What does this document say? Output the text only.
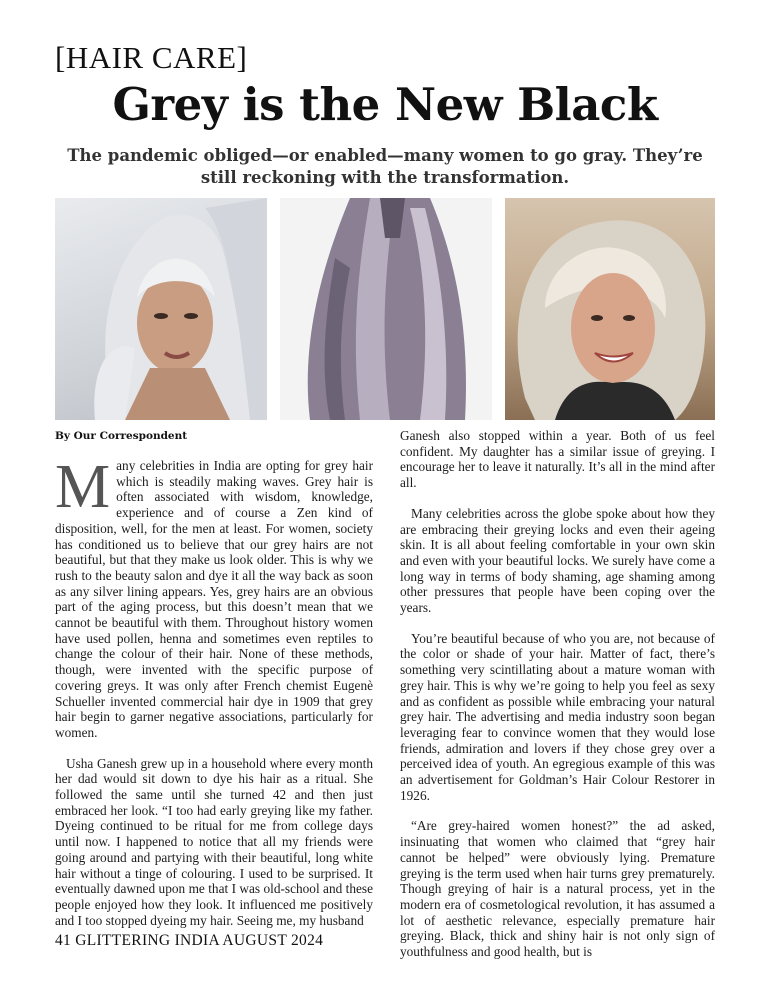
[HAIR CARE]
Grey is the New Black

The pandemic obliged—or enabled—many women to go gray. They’re still reckoning with the transformation.

By Our Correspondent

Many celebrities in India are opting for grey hair which is steadily making waves. Grey hair is often associated with wisdom, knowledge, experience and of course a Zen kind of disposition, well, for the men at least. For women, society has conditioned us to believe that our grey hairs are not beautiful, but that they make us look older. This is why we rush to the beauty salon and dye it all the way back as soon as any silver lining appears. Yes, grey hairs are an obvious part of the aging process, but this doesn’t mean that we cannot be beautiful with them. Throughout history women have used pollen, henna and sometimes even reptiles to change the colour of their hair. None of these methods, though, were invented with the specific purpose of covering greys. It was only after French chemist Eugenè Schueller invented commercial hair dye in 1909 that grey hair begin to garner negative associations, particularly for women.

Usha Ganesh grew up in a household where every month her dad would sit down to dye his hair as a ritual. She followed the same until she turned 42 and then just embraced her look. “I too had early greying like my father. Dyeing continued to be ritual for me from college days until now. I happened to notice that all my friends were going around and partying with their beautiful, long white hair without a tinge of colouring. I used to be surprised. It eventually dawned upon me that I was old-school and these people enjoyed how they look. It influenced me positively and I too stopped dyeing my hair. Seeing me, my husband

Ganesh also stopped within a year. Both of us feel confident. My daughter has a similar issue of greying. I encourage her to leave it naturally. It’s all in the mind after all.

Many celebrities across the globe spoke about how they are embracing their greying locks and even their ageing skin. It is all about feeling comfortable in your own skin and even with your beautiful locks. We surely have come a long way in terms of body shaming, age shaming among other pressures that people have been coping over the years.

You’re beautiful because of who you are, not because of the color or shade of your hair. Matter of fact, there’s something very scintillating about a mature woman with grey hair. This is why we’re going to help you feel as sexy and as confident as possible while embracing your natural grey hair. The advertising and media industry soon began leveraging fear to convince women that they would lose friends, admiration and lovers if they chose grey over a perceived idea of youth. An egregious example of this was an advertisement for Goldman’s Hair Colour Restorer in 1926.

“Are grey-haired women honest?” the ad asked, insinuating that women who claimed that “grey hair cannot be helped” were obviously lying. Premature greying is the term used when hair turns grey prematurely. Though greying of hair is a natural process, yet in the modern era of cosmetological revolution, it has assumed a lot of aesthetic relevance, especially premature hair greying. Black, thick and shiny hair is not only sign of youthfulness and good health, but is

41 GLITTERING INDIA AUGUST 2024
